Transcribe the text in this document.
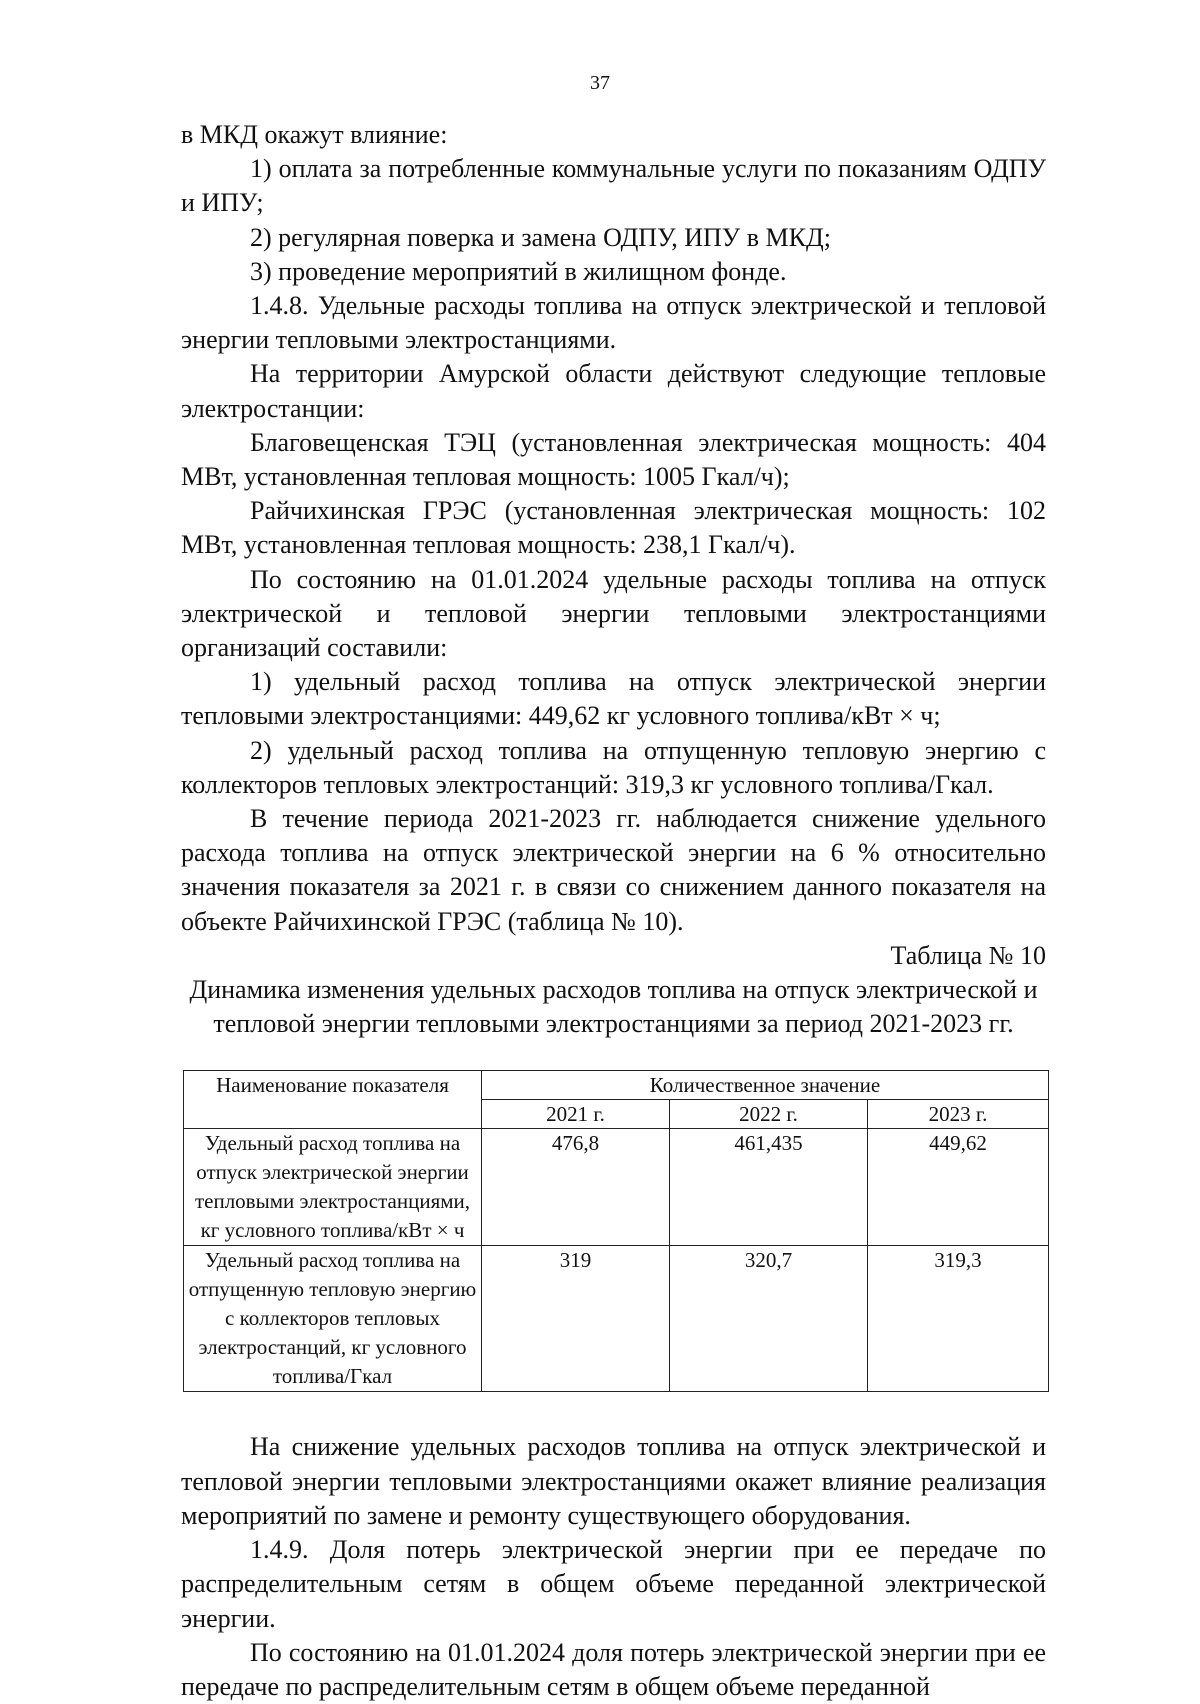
37

в МКД окажут влияние:

1) оплата за потребленные коммунальные услуги по показаниям ОДПУ и ИПУ;

2) регулярная поверка и замена ОДПУ, ИПУ в МКД;

3) проведение мероприятий в жилищном фонде.

1.4.8. Удельные расходы топлива на отпуск электрической и тепловой энергии тепловыми электростанциями.

На территории Амурской области действуют следующие тепловые электростанции:

Благовещенская ТЭЦ (установленная электрическая мощность: 404 МВт, установленная тепловая мощность: 1005 Гкал/ч);

Райчихинская ГРЭС (установленная электрическая мощность: 102 МВт, установленная тепловая мощность: 238,1 Гкал/ч).

По состоянию на 01.01.2024 удельные расходы топлива на отпуск электрической и тепловой энергии тепловыми электростанциями организаций составили:

1) удельный расход топлива на отпуск электрической энергии тепловыми электростанциями: 449,62 кг условного топлива/кВт × ч;

2) удельный расход топлива на отпущенную тепловую энергию с коллекторов тепловых электростанций: 319,3 кг условного топлива/Гкал.

В течение периода 2021-2023 гг. наблюдается снижение удельного расхода топлива на отпуск электрической энергии на 6 % относительно значения показателя за 2021 г. в связи со снижением данного показателя на объекте Райчихинской ГРЭС (таблица № 10).

Таблица № 10

Динамика изменения удельных расходов топлива на отпуск электрической и
тепловой энергии тепловыми электростанциями за период 2021-2023 гг.
Наименование показателя	Количественное значение		
	2021 г.	2022 г.	2023 г.
Удельный расход топлива на отпуск электрической энергии тепловыми электростанциями, кг условного топлива/кВт × ч	476,8	461,435	449,62
Удельный расход топлива на отпущенную тепловую энергию с коллекторов тепловых электростанций, кг условного топлива/Гкал	319	320,7	319,3

На снижение удельных расходов топлива на отпуск электрической и тепловой энергии тепловыми электростанциями окажет влияние реализация мероприятий по замене и ремонту существующего оборудования.

1.4.9. Доля потерь электрической энергии при ее передаче по распределительным сетям в общем объеме переданной электрической энергии.

По состоянию на 01.01.2024 доля потерь электрической энергии при ее передаче по распределительным сетям в общем объеме переданной
